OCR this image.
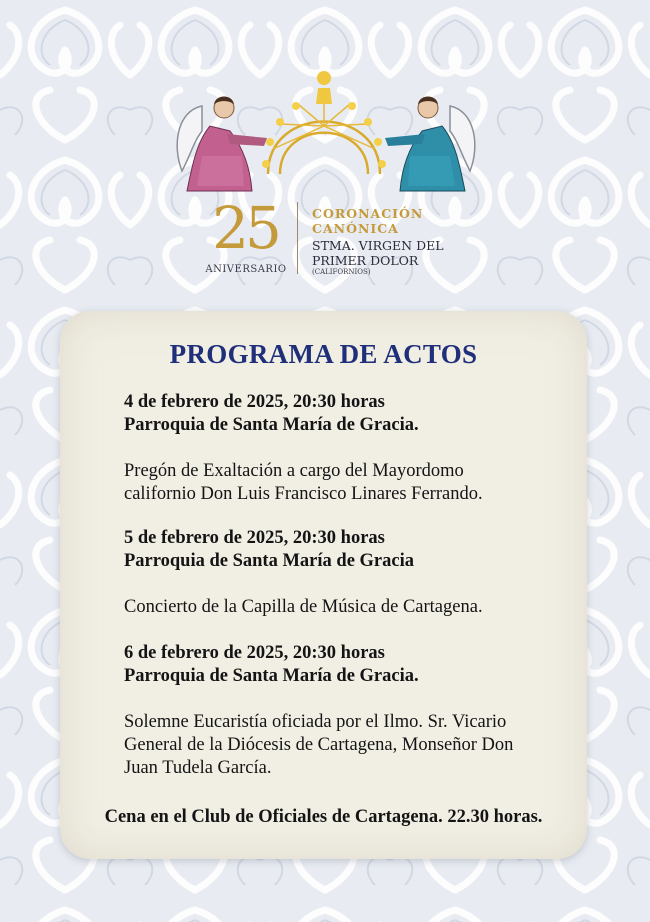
25
ANIVERSARIO
CORONACIÓN
CANÓNICA
STMA. VIRGEN DEL
PRIMER DOLOR
(CALIFORNIOS)
PROGRAMA DE ACTOS
4 de febrero de 2025, 20:30 horas
Parroquia de Santa María de Gracia.
Pregón de Exaltación a cargo del Mayordomo
californio Don Luis Francisco Linares Ferrando.
5 de febrero de 2025, 20:30 horas
Parroquia de Santa María de Gracia
Concierto de la Capilla de Música de Cartagena.
6 de febrero de 2025, 20:30 horas
Parroquia de Santa María de Gracia.
Solemne Eucaristía oficiada por el Ilmo. Sr. Vicario
General de la Diócesis de Cartagena, Monseñor Don
Juan Tudela García.
Cena en el Club de Oficiales de Cartagena. 22.30 horas.
